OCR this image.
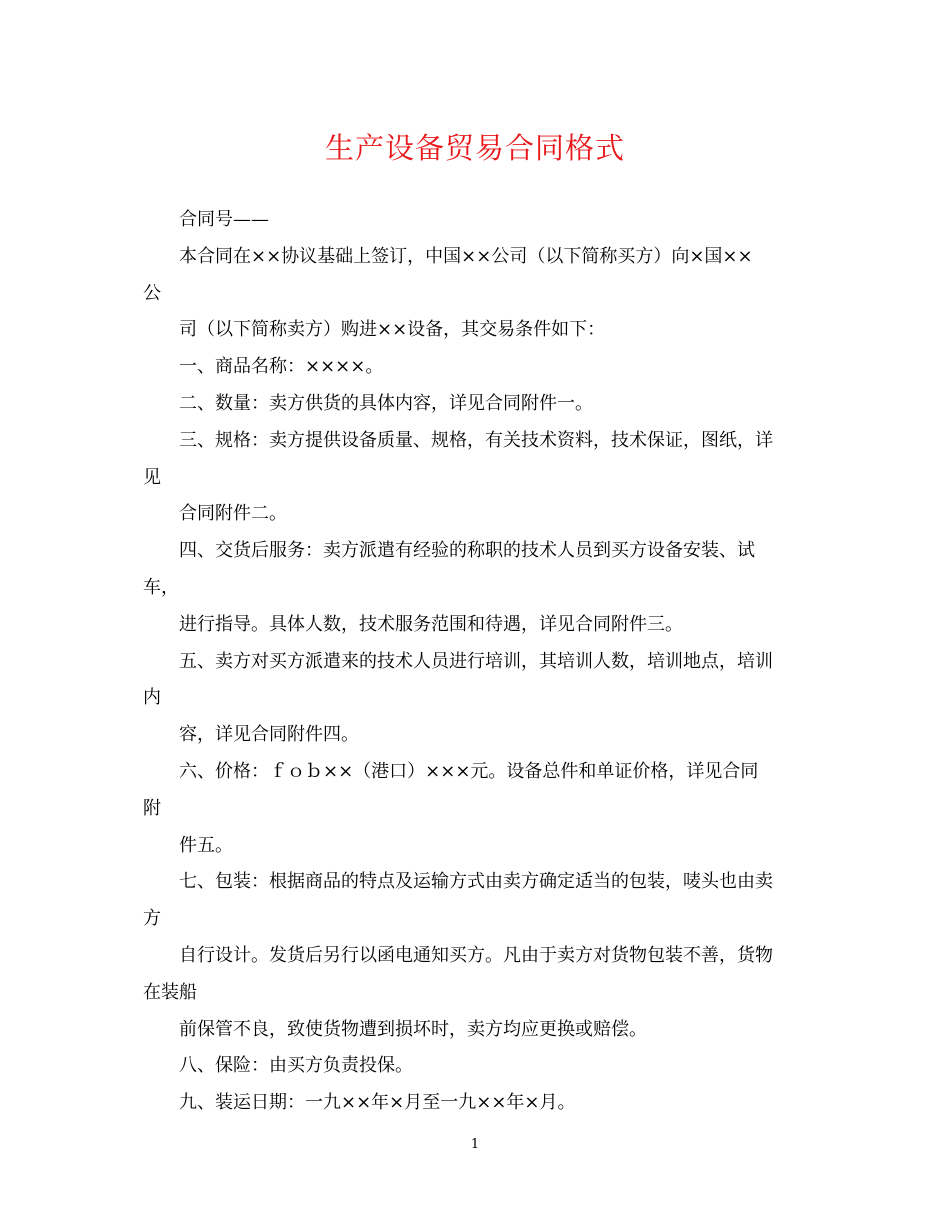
生产设备贸易合同格式
合同号——
本合同在××协议基础上签订，中国××公司（以下简称买方）向×国××
公
司（以下简称卖方）购进××设备，其交易条件如下：
一、商品名称：××××。
二、数量：卖方供货的具体内容，详见合同附件一。
三、规格：卖方提供设备质量、规格，有关技术资料，技术保证，图纸，详
见
合同附件二。
四、交货后服务：卖方派遣有经验的称职的技术人员到买方设备安装、试
车，
进行指导。具体人数，技术服务范围和待遇，详见合同附件三。
五、卖方对买方派遣来的技术人员进行培训，其培训人数，培训地点，培训
内
容，详见合同附件四。
六、价格：ｆｏｂ××（港口）×××元。设备总件和单证价格，详见合同
附
件五。
七、包装：根据商品的特点及运输方式由卖方确定适当的包装，唛头也由卖
方
自行设计。发货后另行以函电通知买方。凡由于卖方对货物包装不善，货物
在装船
前保管不良，致使货物遭到损坏时，卖方均应更换或赔偿。
八、保险：由买方负责投保。
九、装运日期：一九××年×月至一九××年×月。
1
